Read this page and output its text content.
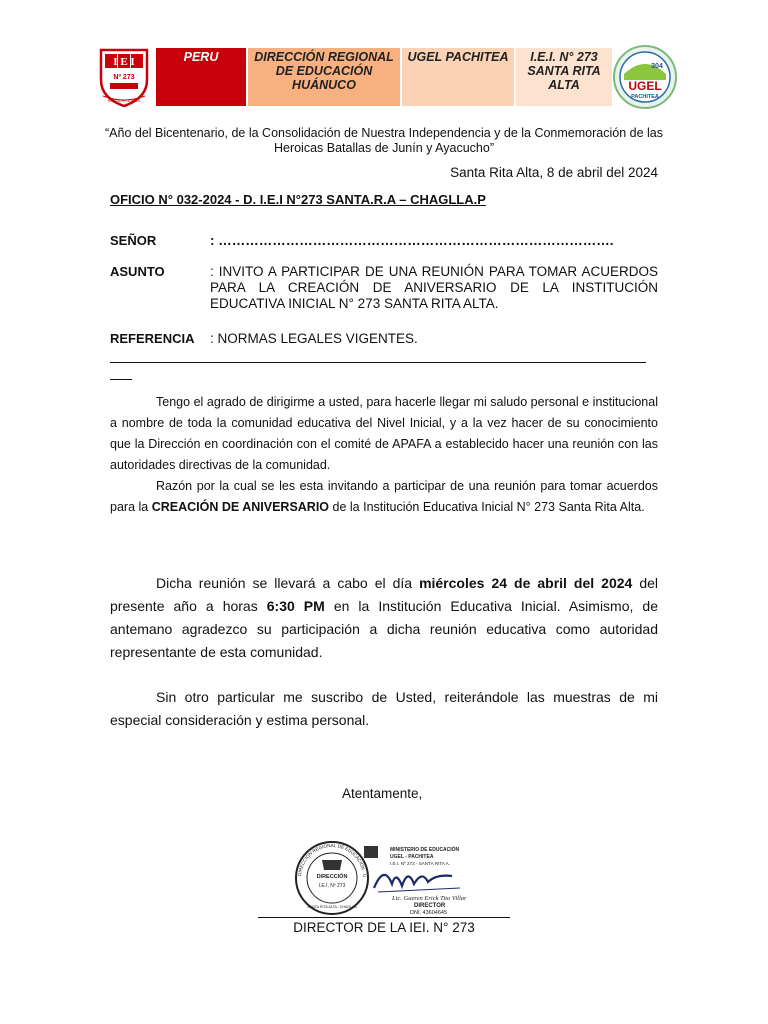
I E I
Nº 273
SANTA RITA ALTA
PERU	DIRECCIÓN REGIONAL DE EDUCACIÓN HUÁNUCO
UGEL PACHITEA	I.E.I. N° 273 SANTA RITA ALTA
304
UGEL
PACHITEA
“Año del Bicentenario, de la Consolidación de Nuestra Independencia y de la Conmemoración de las Heroicas Batallas de Junín y Ayacucho”
Santa Rita Alta, 8 de abril del 2024
OFICIO N° 032-2024 - D. I.E.I N°273 SANTA.R.A – CHAGLLA.P
SEÑOR	: …………………………………………………………………………….
ASUNTO	: INVITO A PARTICIPAR DE UNA REUNIÓN PARA TOMAR ACUERDOS PARA LA CREACIÓN DE ANIVERSARIO DE LA INSTITUCIÓN EDUCATIVA INICIAL N° 273 SANTA RITA ALTA.
REFERENCIA : NORMAS LEGALES VIGENTES.

Tengo el agrado de dirigirme a usted, para hacerle llegar mi saludo personal e institucional a nombre de toda la comunidad educativa del Nivel Inicial, y a la vez hacer de su conocimiento que la Dirección en coordinación con el comité de APAFA a establecido hacer una reunión con las autoridades directivas de la comunidad.

Razón por la cual se les esta invitando a participar de una reunión para tomar acuerdos para la CREACIÓN DE ANIVERSARIO de la Institución Educativa Inicial N° 273 Santa Rita Alta.

Dicha reunión se llevará a cabo el día miércoles 24 de abril del 2024 del presente año a horas 6:30 PM en la Institución Educativa Inicial. Asimismo, de antemano agradezco su participación a dicha reunión educativa como autoridad representante de esta comunidad.

Sin otro particular me suscribo de Usted, reiterándole las muestras de mi especial consideración y estima personal.

Atentamente,
DIRECCION REGIONAL DE EDUCACIÓN · U
DIRECCIÓN
I.E.I. Nº 273
SANTA RITA ALTA - CHAGLLA
MINISTERIO DE EDUCACIÓN
UGEL - PACHITEA
I.E.I. Nº 273 - SANTA RITA A.
Lic. Gueren Erick Tito Villar
DIRECTOR
DNI. 43604645
DIRECTOR DE LA IEI. N° 273
